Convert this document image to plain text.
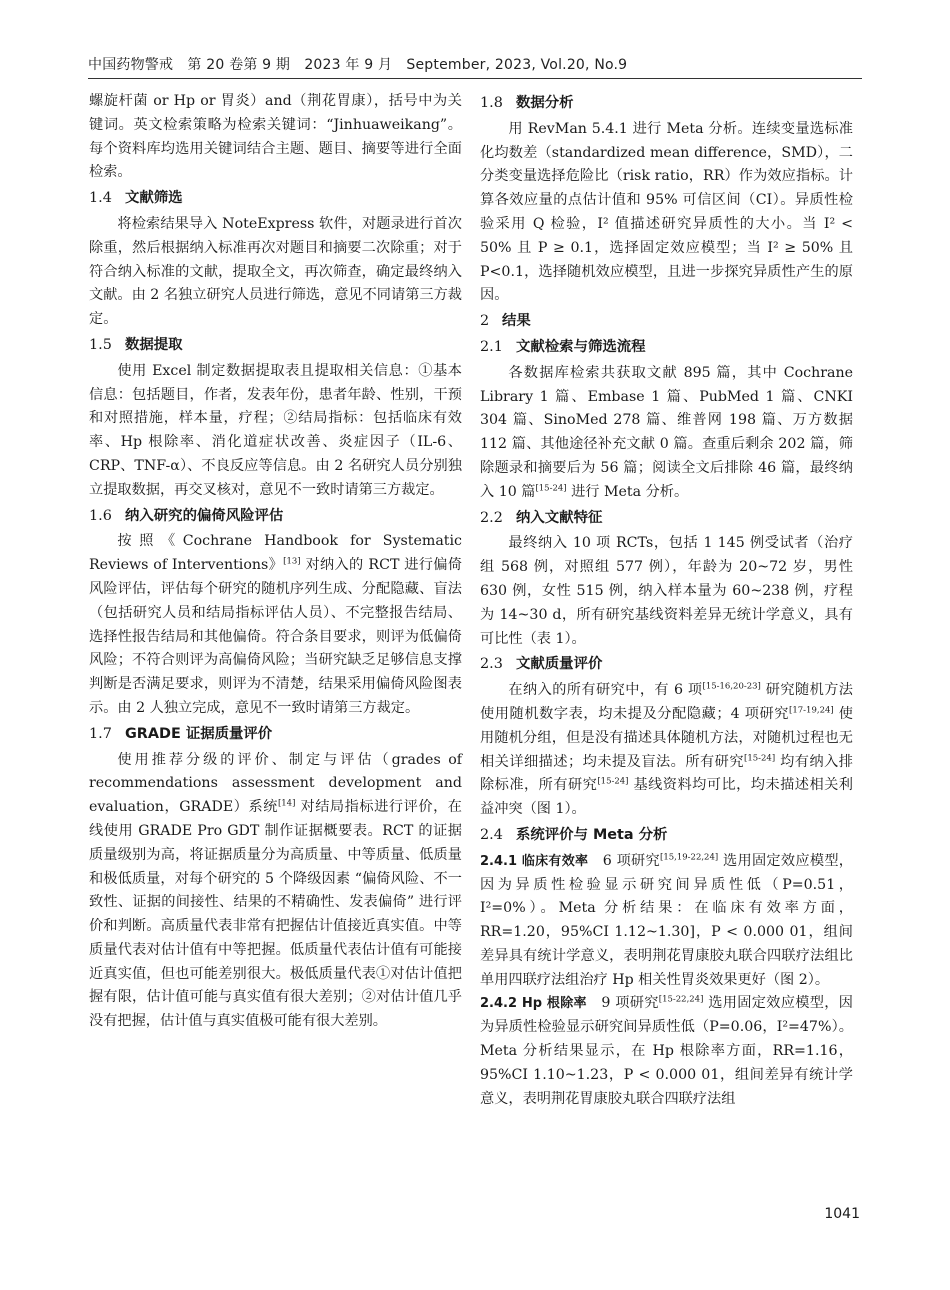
中国药物警戒　第 20 卷第 9 期　2023 年 9 月　September, 2023, Vol.20, No.9

螺旋杆菌 or Hp or 胃炎）and（荆花胃康），括号中为关键词。英文检索策略为检索关键词：“Jinhuaweikang”。每个资料库均选用关键词结合主题、题目、摘要等进行全面检索。

1.4 文献筛选

将检索结果导入 NoteExpress 软件，对题录进行首次除重，然后根据纳入标准再次对题目和摘要二次除重；对于符合纳入标准的文献，提取全文，再次筛查，确定最终纳入文献。由 2 名独立研究人员进行筛选，意见不同请第三方裁定。

1.5 数据提取

使用 Excel 制定数据提取表且提取相关信息：①基本信息：包括题目，作者，发表年份，患者年龄、性别，干预和对照措施，样本量，疗程；②结局指标：包括临床有效率、Hp 根除率、消化道症状改善、炎症因子（IL-6、CRP、TNF-α）、不良反应等信息。由 2 名研究人员分别独立提取数据，再交叉核对，意见不一致时请第三方裁定。

1.6 纳入研究的偏倚风险评估

按照《Cochrane Handbook for Systematic Reviews of Interventions》[13] 对纳入的 RCT 进行偏倚风险评估，评估每个研究的随机序列生成、分配隐藏、盲法（包括研究人员和结局指标评估人员）、不完整报告结局、选择性报告结局和其他偏倚。符合条目要求，则评为低偏倚风险；不符合则评为高偏倚风险；当研究缺乏足够信息支撑判断是否满足要求，则评为不清楚，结果采用偏倚风险图表示。由 2 人独立完成，意见不一致时请第三方裁定。

1.7 GRADE 证据质量评价

使用推荐分级的评价、制定与评估（grades of recommendations assessment development and evaluation，GRADE）系统[14] 对结局指标进行评价，在线使用 GRADE Pro GDT 制作证据概要表。RCT 的证据质量级别为高，将证据质量分为高质量、中等质量、低质量和极低质量，对每个研究的 5 个降级因素 “偏倚风险、不一致性、证据的间接性、结果的不精确性、发表偏倚” 进行评价和判断。高质量代表非常有把握估计值接近真实值。中等质量代表对估计值有中等把握。低质量代表估计值有可能接近真实值，但也可能差别很大。极低质量代表①对估计值把握有限，估计值可能与真实值有很大差别；②对估计值几乎没有把握，估计值与真实值极可能有很大差别。

1.8 数据分析

用 RevMan 5.4.1 进行 Meta 分析。连续变量选标准化均数差（standardized mean difference，SMD），二分类变量选择危险比（risk ratio，RR）作为效应指标。计算各效应量的点估计值和 95% 可信区间（CI）。异质性检验采用 Q 检验，I² 值描述研究异质性的大小。当 I² < 50% 且 P ≥ 0.1，选择固定效应模型；当 I² ≥ 50% 且 P<0.1，选择随机效应模型，且进一步探究异质性产生的原因。

2 结果
2.1 文献检索与筛选流程

各数据库检索共获取文献 895 篇，其中 Cochrane Library 1 篇、Embase 1 篇、PubMed 1 篇、CNKI 304 篇、SinoMed 278 篇、维普网 198 篇、万方数据 112 篇、其他途径补充文献 0 篇。查重后剩余 202 篇，筛除题录和摘要后为 56 篇；阅读全文后排除 46 篇，最终纳入 10 篇[15-24] 进行 Meta 分析。

2.2 纳入文献特征

最终纳入 10 项 RCTs，包括 1 145 例受试者（治疗组 568 例，对照组 577 例），年龄为 20~72 岁，男性 630 例，女性 515 例，纳入样本量为 60~238 例，疗程为 14~30 d，所有研究基线资料差异无统计学意义，具有可比性（表 1）。

2.3 文献质量评价

在纳入的所有研究中，有 6 项[15-16,20-23] 研究随机方法使用随机数字表，均未提及分配隐藏；4 项研究[17-19,24] 使用随机分组，但是没有描述具体随机方法，对随机过程也无相关详细描述；均未提及盲法。所有研究[15-24] 均有纳入排除标准，所有研究[15-24] 基线资料均可比，均未描述相关利益冲突（图 1）。

2.4 系统评价与 Meta 分析

2.4.1 临床有效率　6 项研究[15,19-22,24] 选用固定效应模型，因为异质性检验显示研究间异质性低（P=0.51，I²=0%）。Meta 分析结果：在临床有效率方面，RR=1.20，95%CI 1.12~1.30]，P < 0.000 01，组间差异具有统计学意义，表明荆花胃康胶丸联合四联疗法组比单用四联疗法组治疗 Hp 相关性胃炎效果更好（图 2）。

2.4.2 Hp 根除率　9 项研究[15-22,24] 选用固定效应模型，因为异质性检验显示研究间异质性低（P=0.06，I²=47%）。Meta 分析结果显示，在 Hp 根除率方面，RR=1.16，95%CI 1.10~1.23，P < 0.000 01，组间差异有统计学意义，表明荆花胃康胶丸联合四联疗法组

1041
